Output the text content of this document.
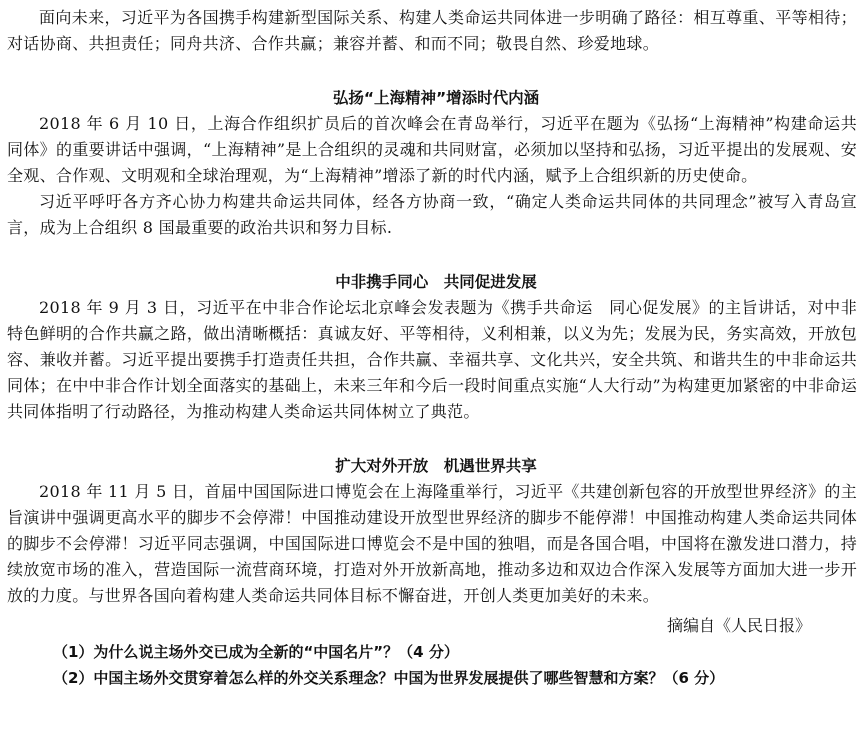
面向未来，习近平为各国携手构建新型国际关系、构建人类命运共同体进一步明确了路径：相互尊重、平等相待；对话协商、共担责任；同舟共济、合作共赢；兼容并蓄、和而不同；敬畏自然、珍爱地球。

弘扬“上海精神”增添时代内涵

2018 年 6 月 10 日，上海合作组织扩员后的首次峰会在青岛举行，习近平在题为《弘扬“上海精神”构建命运共同体》的重要讲话中强调，“上海精神”是上合组织的灵魂和共同财富，必须加以坚持和弘扬，习近平提出的发展观、安全观、合作观、文明观和全球治理观，为“上海精神”增添了新的时代内涵，赋予上合组织新的历史使命。

习近平呼吁各方齐心协力构建共命运共同体，经各方协商一致，“确定人类命运共同体的共同理念”被写入青岛宣言，成为上合组织 8 国最重要的政治共识和努力目标.

中非携手同心　共同促进发展

2018 年 9 月 3 日，习近平在中非合作论坛北京峰会发表题为《携手共命运　同心促发展》的主旨讲话，对中非特色鲜明的合作共赢之路，做出清晰概括：真诚友好、平等相待，义利相兼，以义为先；发展为民，务实高效，开放包容、兼收并蓄。习近平提出要携手打造责任共担，合作共赢、幸福共享、文化共兴，安全共筑、和谐共生的中非命运共同体；在中中非合作计划全面落实的基础上，未来三年和今后一段时间重点实施“人大行动”为构建更加紧密的中非命运共同体指明了行动路径，为推动构建人类命运共同体树立了典范。

扩大对外开放　机遇世界共享

2018 年 11 月 5 日，首届中国国际进口博览会在上海隆重举行，习近平《共建创新包容的开放型世界经济》的主旨演讲中强调更高水平的脚步不会停滞！中国推动建设开放型世界经济的脚步不能停滞！中国推动构建人类命运共同体的脚步不会停滞！习近平同志强调，中国国际进口博览会不是中国的独唱，而是各国合唱，中国将在激发进口潜力，持续放宽市场的准入，营造国际一流营商环境，打造对外开放新高地，推动多边和双边合作深入发展等方面加大进一步开放的力度。与世界各国向着构建人类命运共同体目标不懈奋进，开创人类更加美好的未来。

摘编自《人民日报》

（1）为什么说主场外交已成为全新的“中国名片”？（4 分）

（2）中国主场外交贯穿着怎么样的外交关系理念？中国为世界发展提供了哪些智慧和方案？（6 分）
